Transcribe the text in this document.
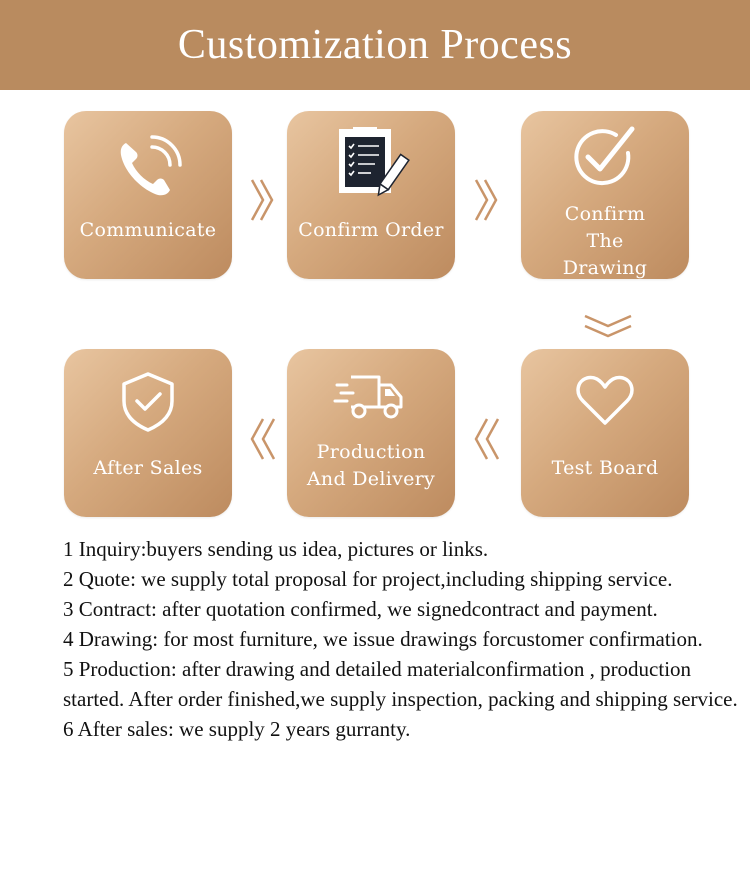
Customization Process
Communicate	Confirm Order
Confirm The Drawing
After Sales
Production And Delivery	Test Board

1 Inquiry:buyers sending us idea, pictures or links.

2 Quote: we supply total proposal for project,including shipping service.

3 Contract: after quotation confirmed, we signedcontract and payment.

4 Drawing: for most furniture, we issue drawings forcustomer confirmation.

5 Production: after drawing and detailed materialconfirmation , production started. After order finished,we supply inspection, packing and shipping service.

6 After sales: we supply 2 years gurranty.
